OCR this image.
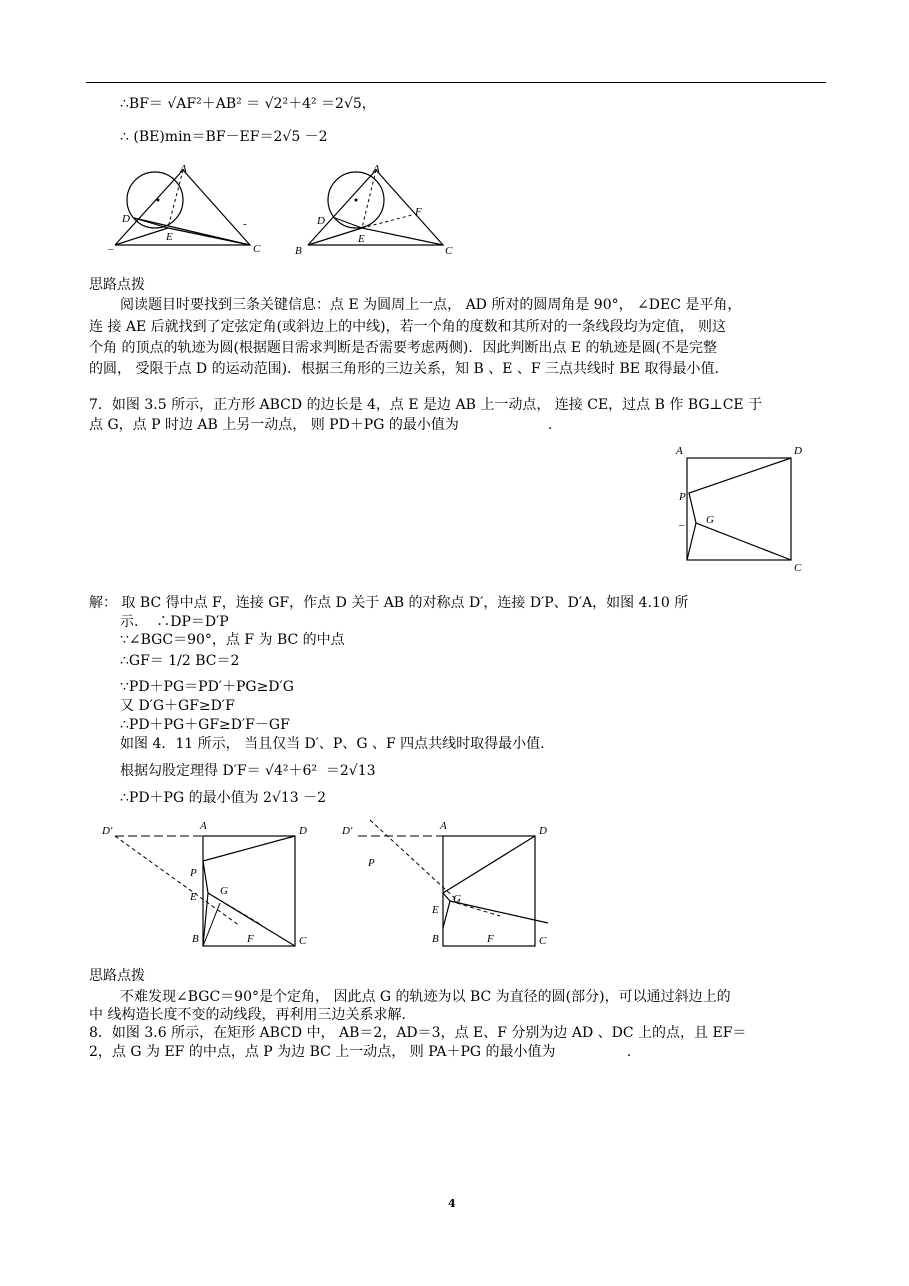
∴BF＝ √AF²＋AB² ＝ √2²＋4² ＝2√5，
∴ (BE)min＝BF－EF＝2√5 －2
A
D
E
C
–
-
A
D
E
F
B	C
思路点拨
阅读题目时要找到三条关键信息：点 E 为圆周上一点， AD 所对的圆周角是 90°， ∠DEC 是平角，
连 接 AE 后就找到了定弦定角(或斜边上的中线)，若一个角的度数和其所对的一条线段均为定值， 则这
个角 的顶点的轨迹为圆(根据题目需求判断是否需要考虑两侧)．因此判断出点 E 的轨迹是圆(不是完整
的圆， 受限于点 D 的运动范围)．根据三角形的三边关系，知 B 、E 、F 三点共线时 BE 取得最小值.
7．如图 3.5 所示，正方形 ABCD 的边长是 4，点 E 是边 AB 上一动点， 连接 CE，过点 B 作 BG⊥CE 于
点 G，点 P 时边 AB 上另一动点， 则 PD＋PG 的最小值为                    .
A	D
P
G
–
C
解： 取 BC 得中点 F，连接 GF，作点 D 关于 AB 的对称点 D′，连接 D′P、D′A，如图 4.10 所
示.    ∴DP＝D′P
∵∠BGC＝90°，点 F 为 BC 的中点
∴GF＝ 1/2 BC＝2
∵PD＋PG＝PD′＋PG≥D′G
又 D′G＋GF≥D′F
∴PD＋PG＋GF≥D′F－GF
如图 4．11 所示， 当且仅当 D′、P、G 、F 四点共线时取得最小值.
根据勾股定理得 D′F＝ √4²＋6²  ＝2√13
∴PD＋PG 的最小值为 2√13 －2
D′	A	D
P
G
E
B	F	C
D′	A	D
P
G
E
B	F	C
思路点拨
不难发现∠BGC＝90°是个定角， 因此点 G 的轨迹为以 BC 为直径的圆(部分)，可以通过斜边上的
中 线构造长度不变的动线段，再利用三边关系求解.
8．如图 3.6 所示，在矩形 ABCD 中， AB＝2，AD＝3，点 E、F 分别为边 AD 、DC 上的点，且 EF＝
2，点 G 为 EF 的中点，点 P 为边 BC 上一动点， 则 PA＋PG 的最小值为                .
4
